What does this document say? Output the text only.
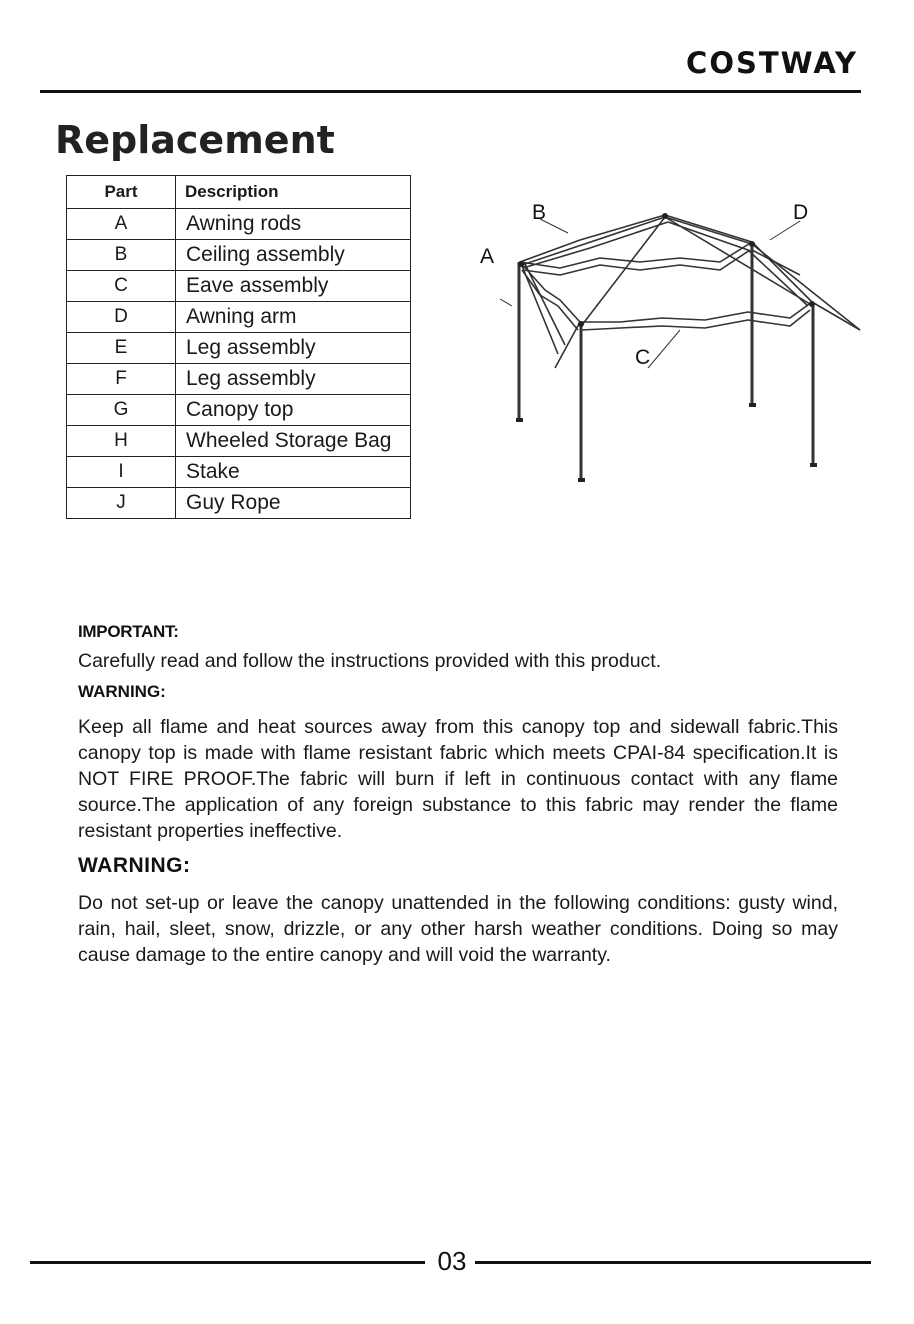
COSTWAY
Replacement
Part	Description
A	Awning rods
B	Ceiling assembly
C	Eave assembly
D	Awning arm
E	Leg assembly
F	Leg assembly
G	Canopy top
H	Wheeled Storage Bag
I	Stake
J	Guy Rope
B	D
A
C

IMPORTANT:

Carefully read and follow the instructions provided with this product.

WARNING:

Keep all flame and heat sources away from this canopy top and sidewall fabric.This canopy top is made with flame resistant fabric which meets CPAI-84 specification.It is NOT FIRE PROOF.The fabric will burn if left in continuous contact with any flame source.The application of any foreign substance to this fabric may render the flame resistant properties ineffective.

WARNING:

Do not set-up or leave the canopy unattended in the following conditions: gusty wind, rain, hail, sleet, snow, drizzle, or any other harsh weather conditions. Doing so may cause damage to the entire canopy and will void the warranty.

03
